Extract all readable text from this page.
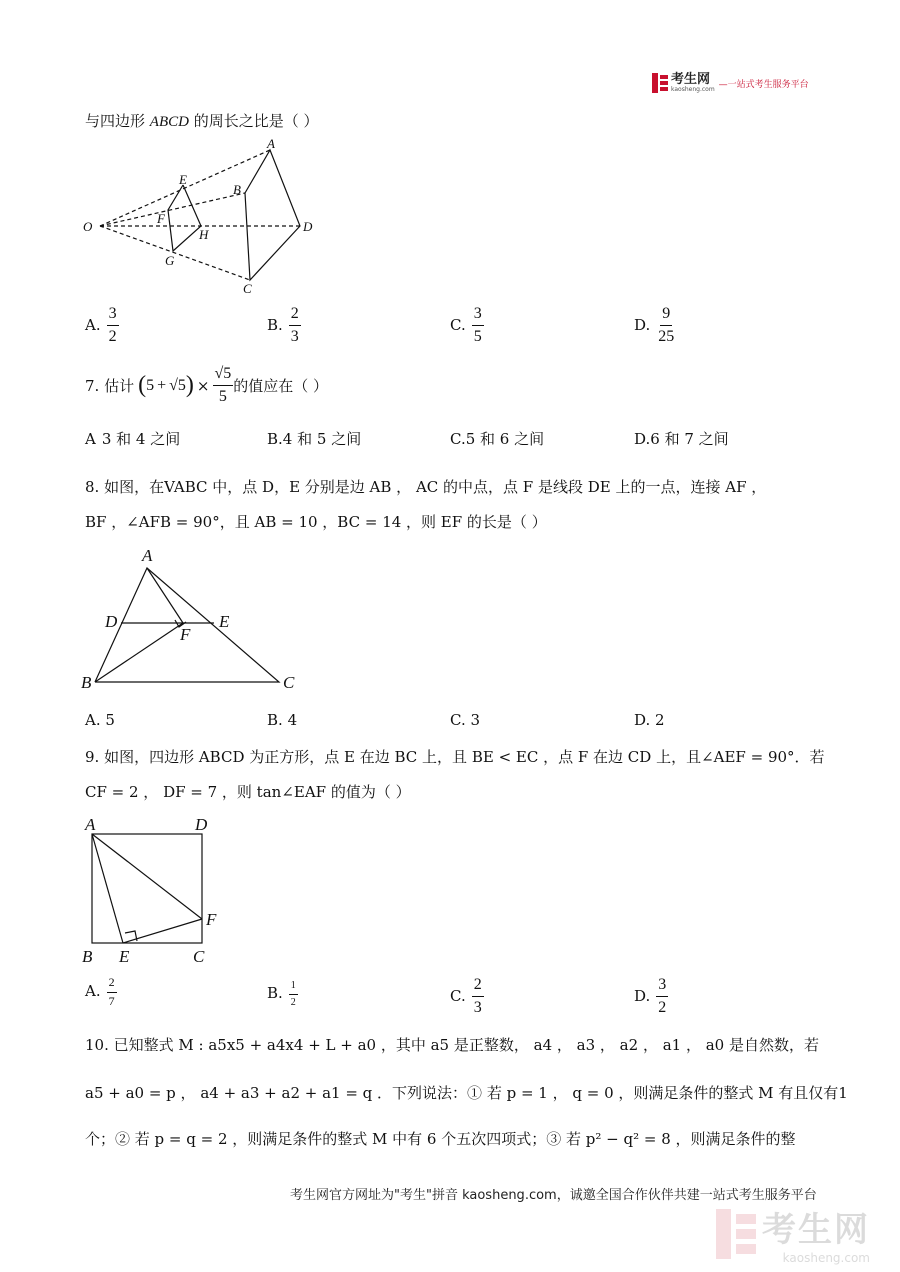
考生网
kaosheng.com —一站式考生服务平台
与四边形 ABCD 的周长之比是（ ）
A
B
C
D
E
F
G
H
O
A. $\frac{3}{2}$	B. $\frac{2}{3}$	C. $\frac{3}{5}$	D. $\frac{9}{25}$
7.
估计 ( 5 + √5 ) × $\frac{√5}{5}$ 的值应在（ ）
A 3 和 4 之间	B.4 和 5 之间	C.5 和 6 之间	D.6 和 7 之间
8. 如图，在VABC 中，点 D，E 分别是边 AB ， AC 的中点，点 F 是线段 DE 上的一点，连接 AF ，
BF ，∠AFB = 90°，且 AB = 10 ，BC = 14 ，则 EF 的长是（ ）
A
B	C
D	E
F
A. 5	B. 4	C. 3	D. 2
9. 如图，四边形 ABCD 为正方形，点 E 在边 BC 上，且 BE < EC ，点 F 在边 CD 上，且∠AEF = 90°．若
CF = 2 ， DF = 7 ，则 tan∠EAF 的值为（ ）
A
B	C
D
E
F
A. $\frac{2}{7}$	B. $\frac{1}{2}$	C. $\frac{2}{3}$	D. $\frac{3}{2}$
10. 已知整式 M : a5x5 + a4x4 + L + a0 ，其中 a5 是正整数， a4 ， a3 ， a2 ， a1 ， a0 是自然数，若
a5 + a0 = p ， a4 + a3 + a2 + a1 = q ．下列说法：① 若 p = 1 ， q = 0 ，则满足条件的整式 M 有且仅有1
个；② 若 p = q = 2 ，则满足条件的整式 M 中有 6 个五次四项式；③ 若 p² − q² = 8 ，则满足条件的整
考生网官方网址为"考生"拼音 kaosheng.com，诚邀全国合作伙伴共建一站式考生服务平台
考生网
kaosheng.com
